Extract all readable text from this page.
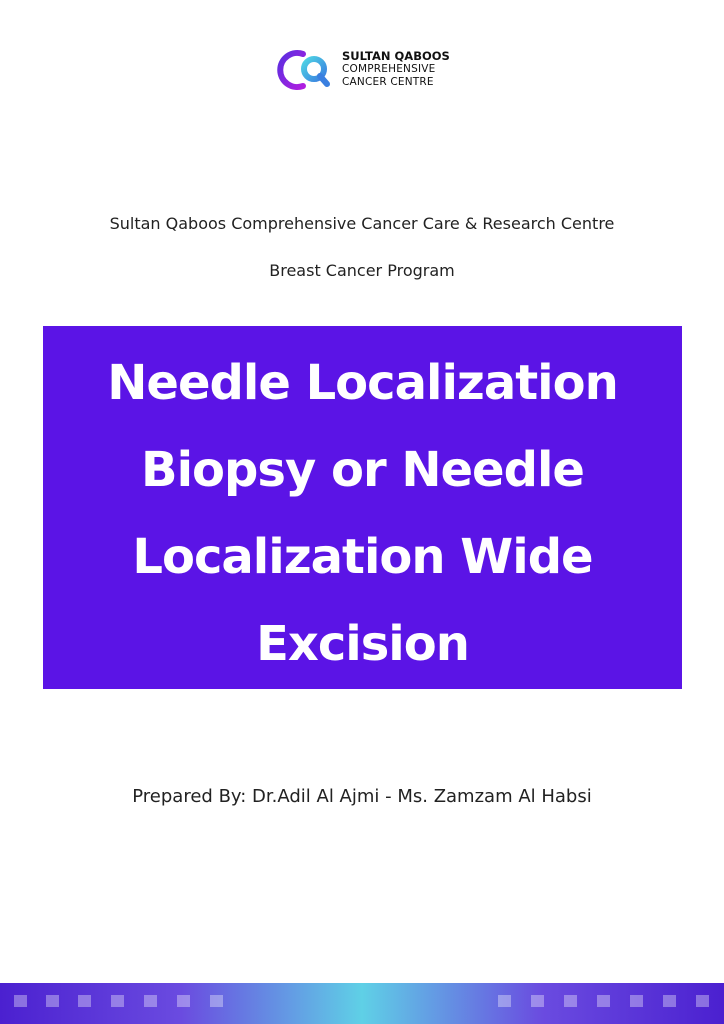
SULTAN QABOOS
COMPREHENSIVE
CANCER CENTRE
Sultan Qaboos Comprehensive Cancer Care & Research Centre
Breast Cancer Program
Needle Localization
Biopsy or Needle
Localization Wide
Excision
Prepared By: Dr.Adil Al Ajmi - Ms. Zamzam Al Habsi
